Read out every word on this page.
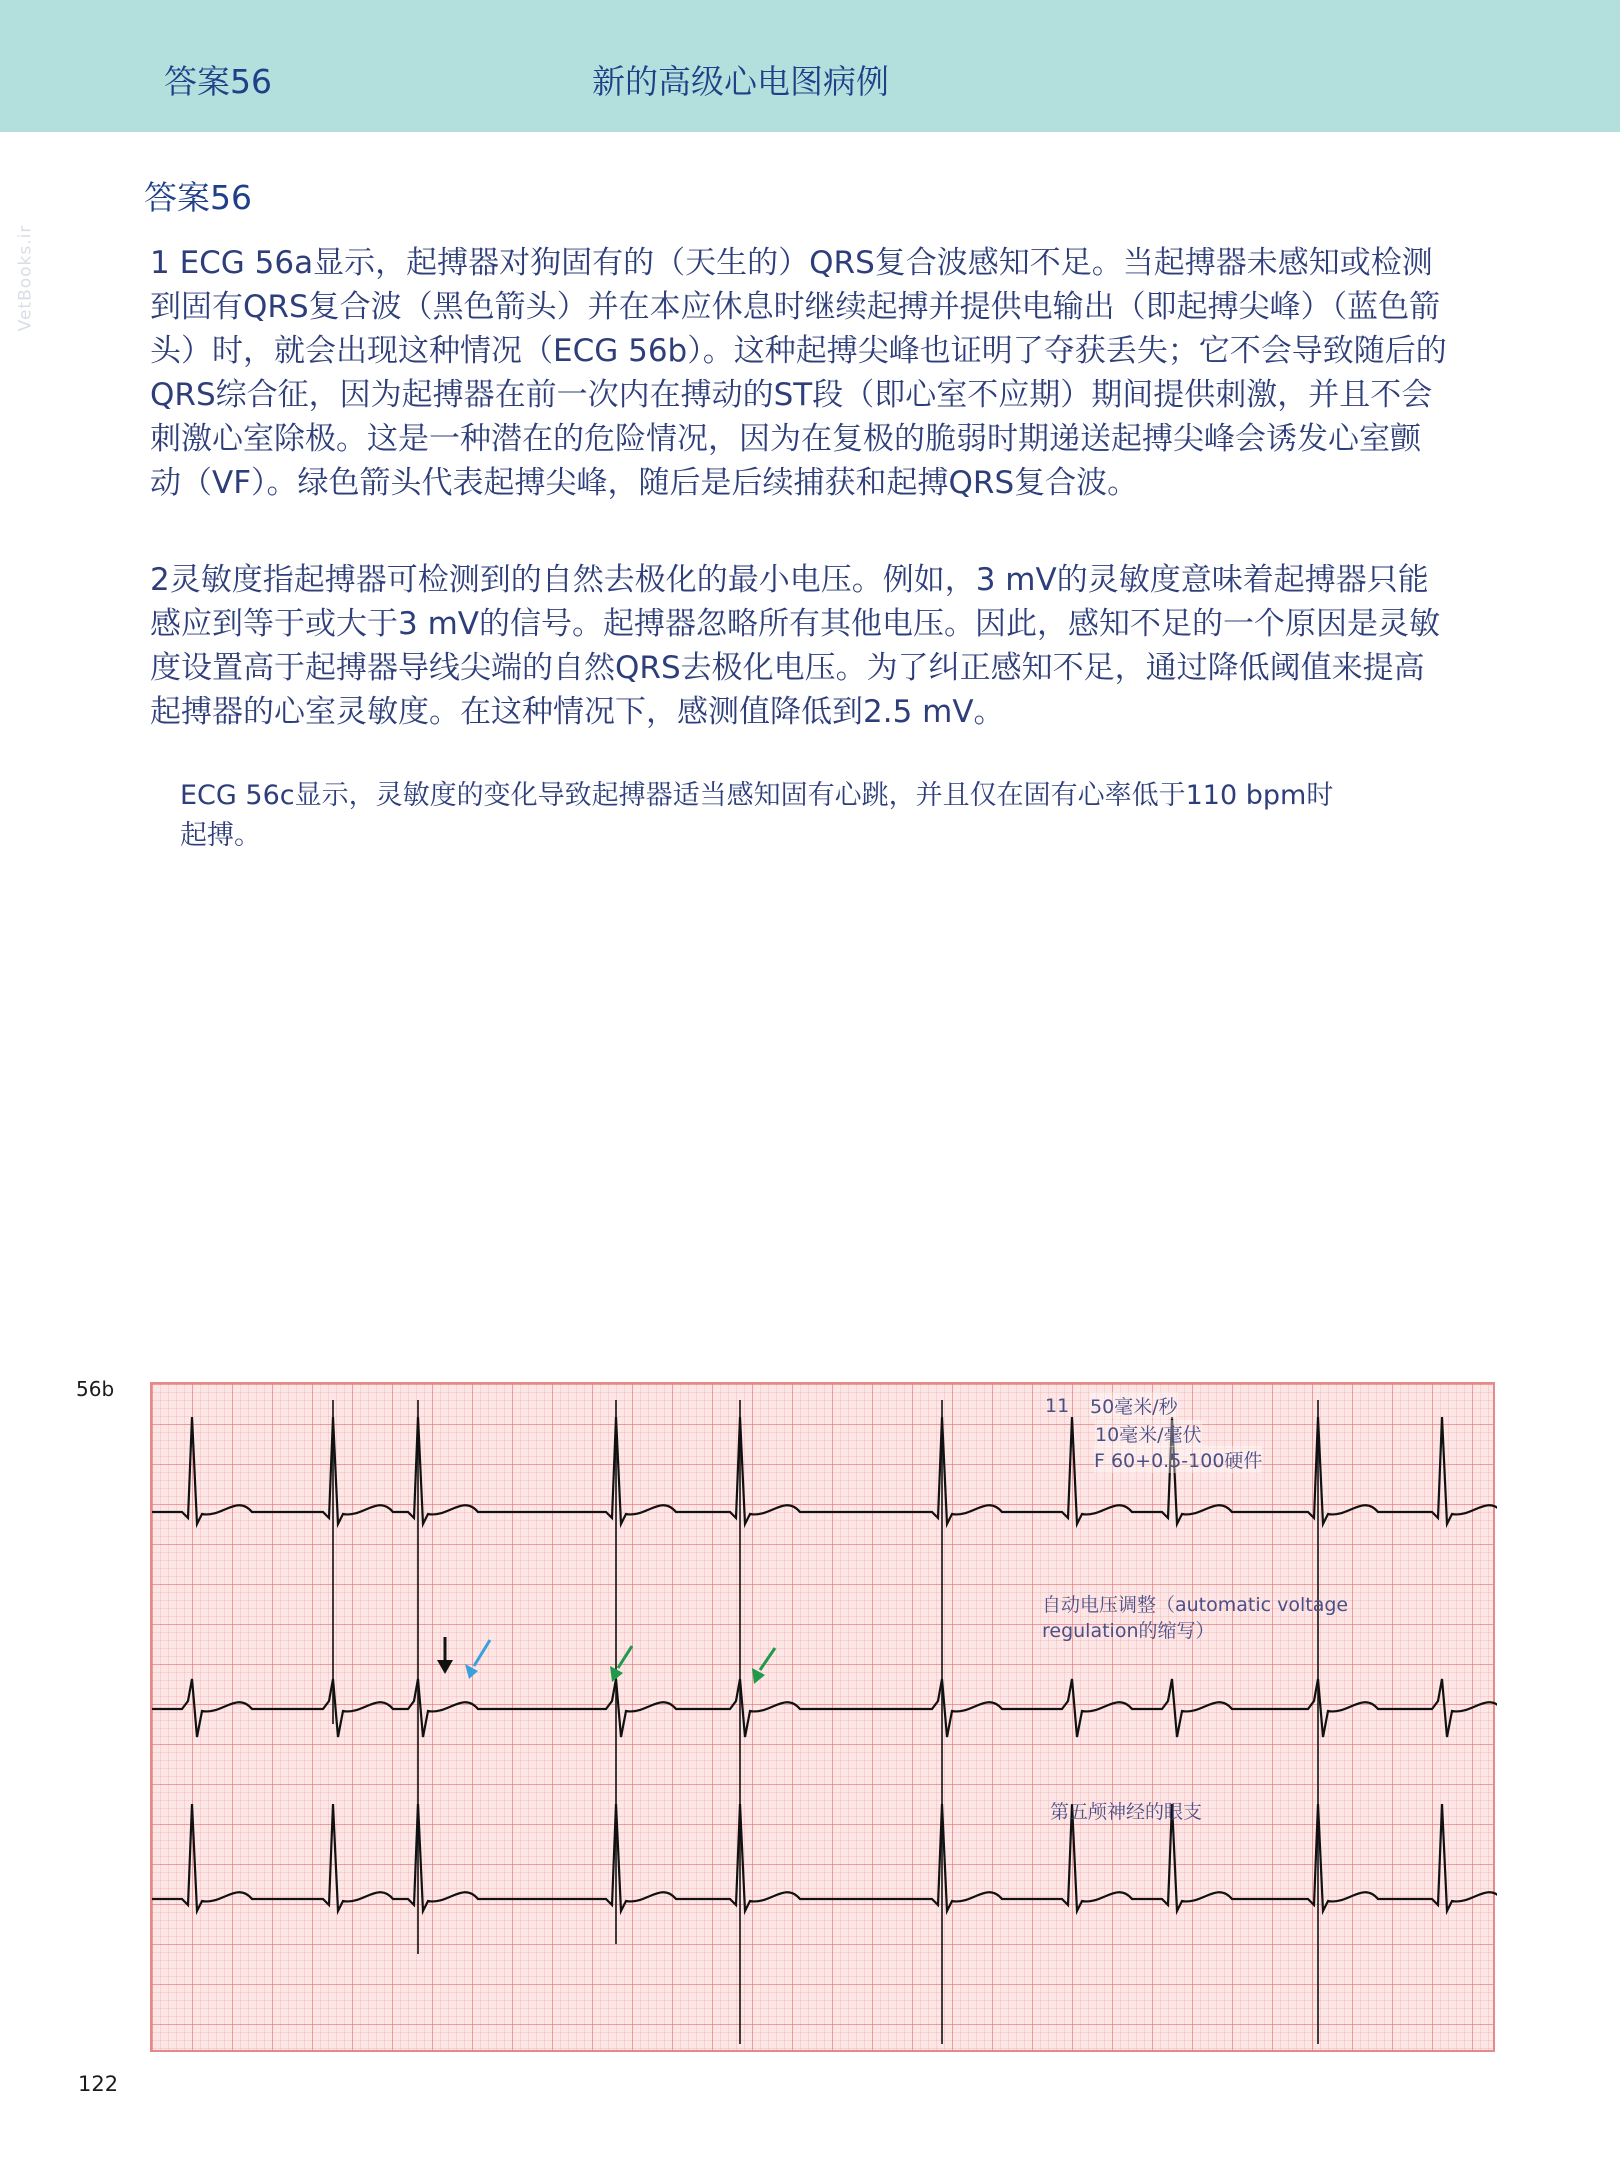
答案56	新的高级心电图病例
VetBooks.ir
答案56
1 ECG 56a显示，起搏器对狗固有的（天生的）QRS复合波感知不足。当起搏器未感知或检测到固有QRS复合波（黑色箭头）并在本应休息时继续起搏并提供电输出（即起搏尖峰）（蓝色箭头）时，就会出现这种情况（ECG 56b）。这种起搏尖峰也证明了夺获丢失；它不会导致随后的QRS综合征，因为起搏器在前一次内在搏动的ST段（即心室不应期）期间提供刺激，并且不会刺激心室除极。这是一种潜在的危险情况，因为在复极的脆弱时期递送起搏尖峰会诱发心室颤动（VF）。绿色箭头代表起搏尖峰，随后是后续捕获和起搏QRS复合波。
2灵敏度指起搏器可检测到的自然去极化的最小电压。例如，3 mV的灵敏度意味着起搏器只能感应到等于或大于3 mV的信号。起搏器忽略所有其他电压。因此，感知不足的一个原因是灵敏度设置高于起搏器导线尖端的自然QRS去极化电压。为了纠正感知不足，通过降低阈值来提高起搏器的心室灵敏度。在这种情况下，感测值降低到2.5 mV。
ECG 56c显示，灵敏度的变化导致起搏器适当感知固有心跳，并且仅在固有心率低于110 bpm时起搏。
56b
11 50毫米/秒
10毫米/毫伏
F 60+0.5-100硬件
自动电压调整（automatic voltage regulation的缩写）
第五颅神经的眼支
122
